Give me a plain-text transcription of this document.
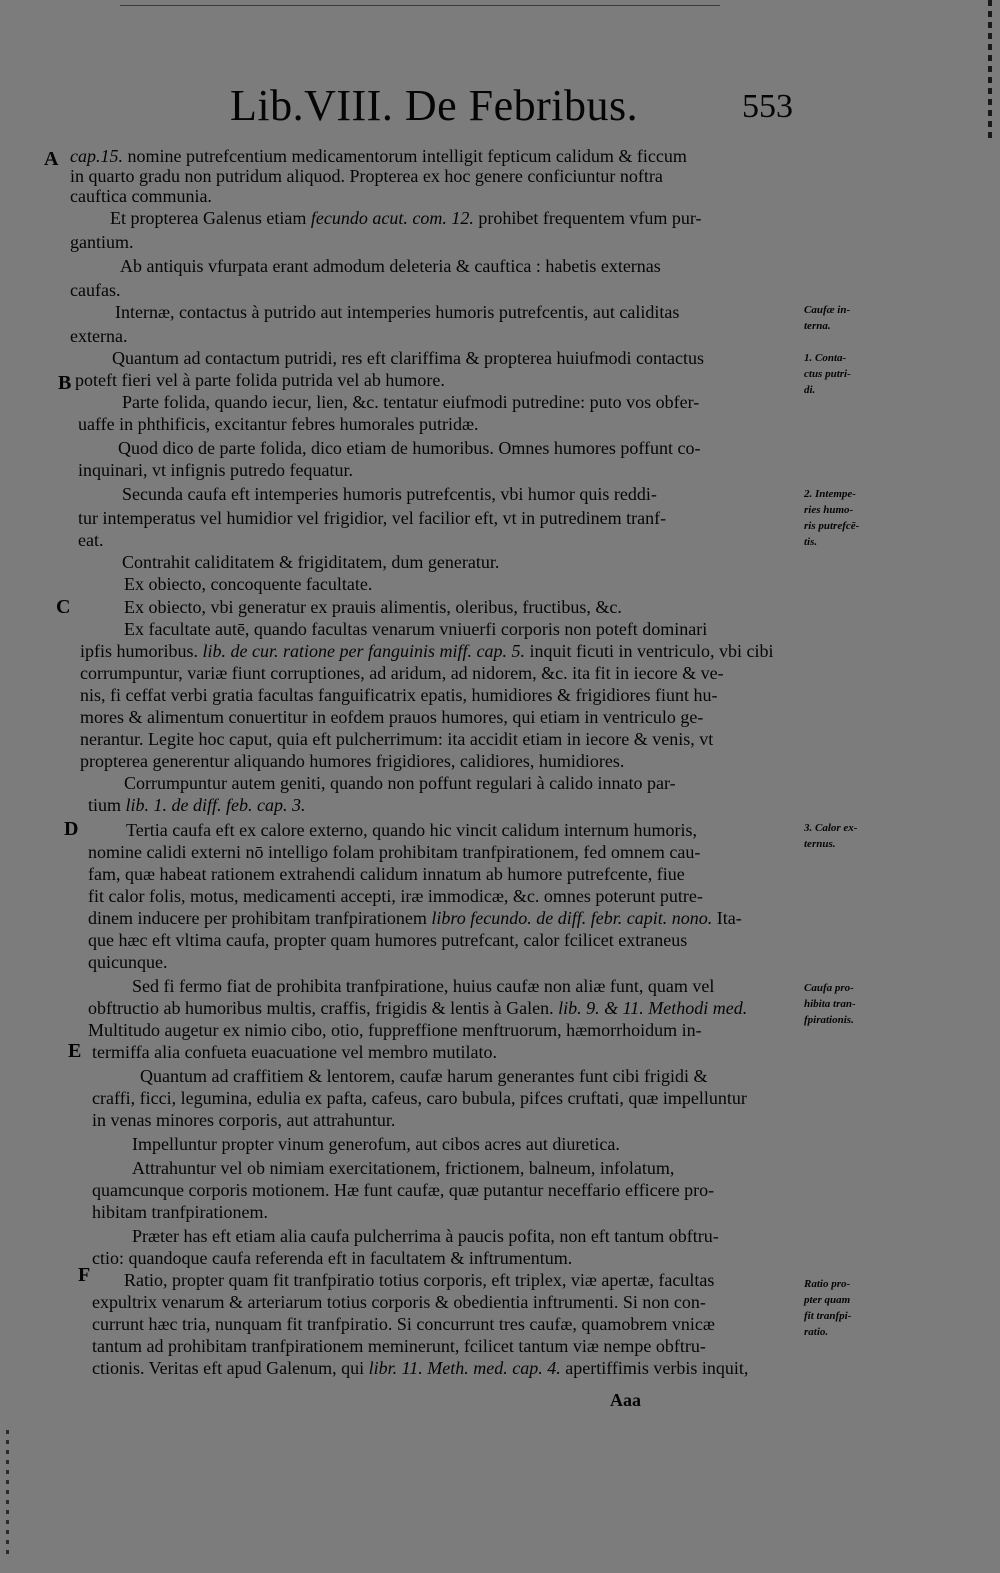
Lib.VIII. De Febribus.	553
cap.15. nomine putrefcentium medicamentorum intelligit fepticum calidum & ficcum
in quarto gradu non putridum aliquod. Propterea ex hoc genere conficiuntur noftra
cauftica communia.
Et propterea Galenus etiam fecundo acut. com. 12. prohibet frequentem vfum pur-
gantium.
Ab antiquis vfurpata erant admodum deleteria & cauftica : habetis externas
caufas.
Internæ, contactus à putrido aut intemperies humoris putrefcentis, aut caliditas
externa.
Quantum ad contactum putridi, res eft clariffima & propterea huiufmodi contactus
poteft fieri vel à parte folida putrida vel ab humore.
Parte folida, quando iecur, lien, &c. tentatur eiufmodi putredine: puto vos obfer-
uaffe in phthificis, excitantur febres humorales putridæ.
Quod dico de parte folida, dico etiam de humoribus. Omnes humores poffunt co-
inquinari, vt infignis putredo fequatur.
Secunda caufa eft intemperies humoris putrefcentis, vbi humor quis reddi-
tur intemperatus vel humidior vel frigidior, vel facilior eft, vt in putredinem tranf-
eat.
Contrahit caliditatem & frigiditatem, dum generatur.
Ex obiecto, concoquente facultate.
Ex obiecto, vbi generatur ex prauis alimentis, oleribus, fructibus, &c.
Ex facultate autē, quando facultas venarum vniuerfi corporis non poteft dominari
ipfis humoribus. lib. de cur. ratione per fanguinis miff. cap. 5. inquit ficuti in ventriculo, vbi cibi
corrumpuntur, variæ fiunt corruptiones, ad aridum, ad nidorem, &c. ita fit in iecore & ve-
nis, fi ceffat verbi gratia facultas fanguificatrix epatis, humidiores & frigidiores fiunt hu-
mores & alimentum conuertitur in eofdem prauos humores, qui etiam in ventriculo ge-
nerantur. Legite hoc caput, quia eft pulcherrimum: ita accidit etiam in iecore & venis, vt
propterea generentur aliquando humores frigidiores, calidiores, humidiores.
Corrumpuntur autem geniti, quando non poffunt regulari à calido innato par-
tium lib. 1. de diff. feb. cap. 3.
Tertia caufa eft ex calore externo, quando hic vincit calidum internum humoris,
nomine calidi externi nō intelligo folam prohibitam tranfpirationem, fed omnem cau-
fam, quæ habeat rationem extrahendi calidum innatum ab humore putrefcente, fiue
fit calor folis, motus, medicamenti accepti, iræ immodicæ, &c. omnes poterunt putre-
dinem inducere per prohibitam tranfpirationem libro fecundo. de diff. febr. capit. nono. Ita-
que hæc eft vltima caufa, propter quam humores putrefcant, calor fcilicet extraneus
quicunque.
Sed fi fermo fiat de prohibita tranfpiratione, huius caufæ non aliæ funt, quam vel
obftructio ab humoribus multis, craffis, frigidis & lentis à Galen. lib. 9. & 11. Methodi med.
Multitudo augetur ex nimio cibo, otio, fuppreffione menftruorum, hæmorrhoidum in-
termiffa alia confueta euacuatione vel membro mutilato.
Quantum ad craffitiem & lentorem, caufæ harum generantes funt cibi frigidi &
craffi, ficci, legumina, edulia ex pafta, cafeus, caro bubula, pifces cruftati, quæ impelluntur
in venas minores corporis, aut attrahuntur.
Impelluntur propter vinum generofum, aut cibos acres aut diuretica.
Attrahuntur vel ob nimiam exercitationem, frictionem, balneum, infolatum,
quamcunque corporis motionem. Hæ funt caufæ, quæ putantur neceffario efficere pro-
hibitam tranfpirationem.
Præter has eft etiam alia caufa pulcherrima à paucis pofita, non eft tantum obftru-
ctio: quandoque caufa referenda eft in facultatem & inftrumentum.
Ratio, propter quam fit tranfpiratio totius corporis, eft triplex, viæ apertæ, facultas
expultrix venarum & arteriarum totius corporis & obedientia inftrumenti. Si non con-
currunt hæc tria, nunquam fit tranfpiratio. Si concurrunt tres caufæ, quamobrem vnicæ
tantum ad prohibitam tranfpirationem meminerunt, fcilicet tantum viæ nempe obftru-
ctionis. Veritas eft apud Galenum, qui libr. 11. Meth. med. cap. 4. apertiffimis verbis inquit,
A
B
C
D
E
F
Caufæ in-
terna.
1. Conta-
ctus putri-
di.
2. Intempe-
ries humo-
ris putrefcē-
tis.
3. Calor ex-
ternus.
Caufa pro-
hibita tran-
fpirationis.
Ratio pro-
pter quam
fit tranfpi-
ratio.
Aaa
